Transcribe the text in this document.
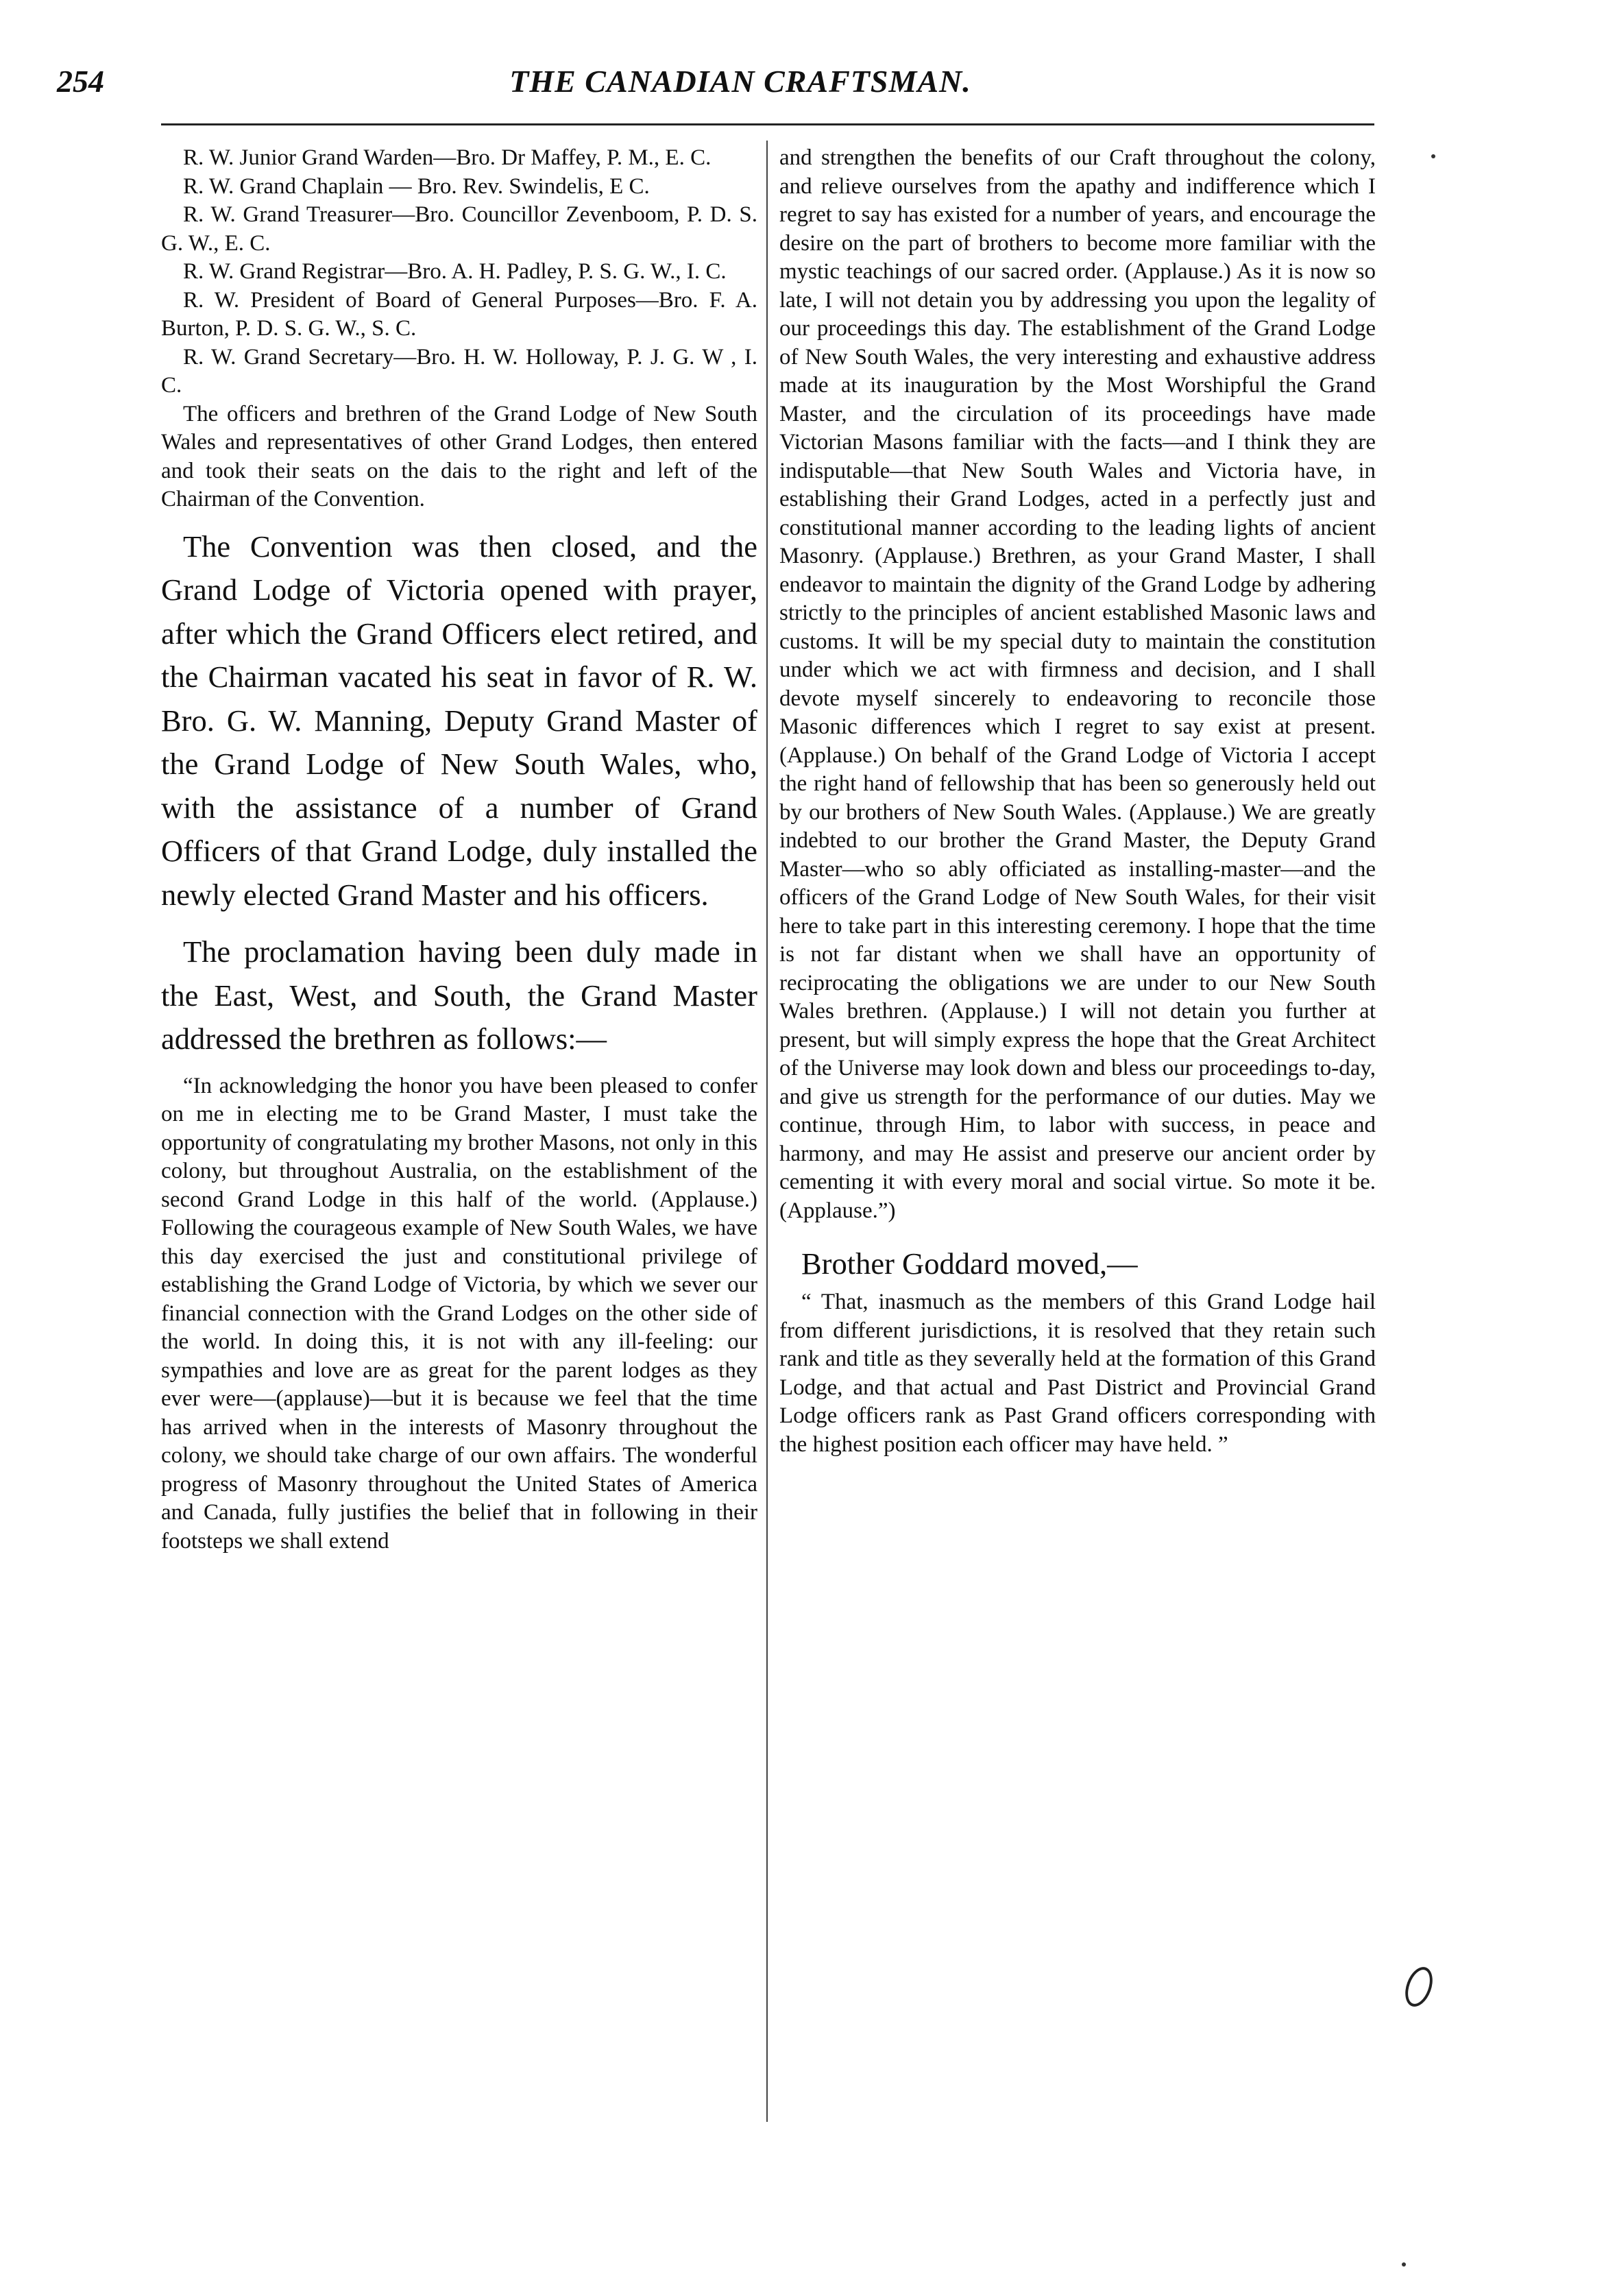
254	THE CANADIAN CRAFTSMAN.

R. W. Junior Grand Warden—Bro. Dr Maffey, P. M., E. C.

R. W. Grand Chaplain — Bro. Rev. Swindelis, E C.

R. W. Grand Treasurer—Bro. Councillor Zevenboom, P. D. S. G. W., E. C.

R. W. Grand Registrar—Bro. A. H. Padley, P. S. G. W., I. C.

R. W. President of Board of General Purposes—Bro. F. A. Burton, P. D. S. G. W., S. C.

R. W. Grand Secretary—Bro. H. W. Holloway, P. J. G. W , I. C.

The officers and brethren of the Grand Lodge of New South Wales and representatives of other Grand Lodges, then entered and took their seats on the dais to the right and left of the Chairman of the Convention.

The Convention was then closed, and the Grand Lodge of Victoria opened with prayer, after which the Grand Officers elect retired, and the Chairman vacated his seat in favor of R. W. Bro. G. W. Manning, Deputy Grand Master of the Grand Lodge of New South Wales, who, with the assistance of a number of Grand Officers of that Grand Lodge, duly installed the newly elected Grand Master and his officers.

The proclamation having been duly made in the East, West, and South, the Grand Master addressed the brethren as follows:—

“In acknowledging the honor you have been pleased to confer on me in electing me to be Grand Master, I must take the opportunity of congratulating my brother Masons, not only in this colony, but throughout Australia, on the establishment of the second Grand Lodge in this half of the world. (Applause.) Following the courageous example of New South Wales, we have this day exercised the just and constitutional privilege of establishing the Grand Lodge of Victoria, by which we sever our financial connection with the Grand Lodges on the other side of the world. In doing this, it is not with any ill-feeling: our sympathies and love are as great for the parent lodges as they ever were—(applause)—but it is because we feel that the time has arrived when in the interests of Masonry throughout the colony, we should take charge of our own affairs. The wonderful progress of Masonry throughout the United States of America and Canada, fully justifies the belief that in following in their footsteps we shall extend

and strengthen the benefits of our Craft throughout the colony, and relieve ourselves from the apathy and indifference which I regret to say has existed for a number of years, and encourage the desire on the part of brothers to become more familiar with the mystic teachings of our sacred order. (Applause.) As it is now so late, I will not detain you by addressing you upon the legality of our proceedings this day. The establishment of the Grand Lodge of New South Wales, the very interesting and exhaustive address made at its inauguration by the Most Worshipful the Grand Master, and the circulation of its proceedings have made Victorian Masons familiar with the facts—and I think they are indisputable—that New South Wales and Victoria have, in establishing their Grand Lodges, acted in a perfectly just and constitutional manner according to the leading lights of ancient Masonry. (Applause.) Brethren, as your Grand Master, I shall endeavor to maintain the dignity of the Grand Lodge by adhering strictly to the principles of ancient established Masonic laws and customs. It will be my special duty to maintain the constitution under which we act with firmness and decision, and I shall devote myself sincerely to endeavoring to reconcile those Masonic differences which I regret to say exist at present. (Applause.) On behalf of the Grand Lodge of Victoria I accept the right hand of fellowship that has been so generously held out by our brothers of New South Wales. (Applause.) We are greatly indebted to our brother the Grand Master, the Deputy Grand Master—who so ably officiated as installing-master—and the officers of the Grand Lodge of New South Wales, for their visit here to take part in this interesting ceremony. I hope that the time is not far distant when we shall have an opportunity of reciprocating the obligations we are under to our New South Wales brethren. (Applause.) I will not detain you further at present, but will simply express the hope that the Great Architect of the Universe may look down and bless our proceedings to-day, and give us strength for the performance of our duties. May we continue, through Him, to labor with success, in peace and harmony, and may He assist and preserve our ancient order by cementing it with every moral and social virtue. So mote it be. (Applause.”)

Brother Goddard moved,—

“ That, inasmuch as the members of this Grand Lodge hail from different jurisdictions, it is resolved that they retain such rank and title as they severally held at the formation of this Grand Lodge, and that actual and Past District and Provincial Grand Lodge officers rank as Past Grand officers corresponding with the highest position each officer may have held. ”
